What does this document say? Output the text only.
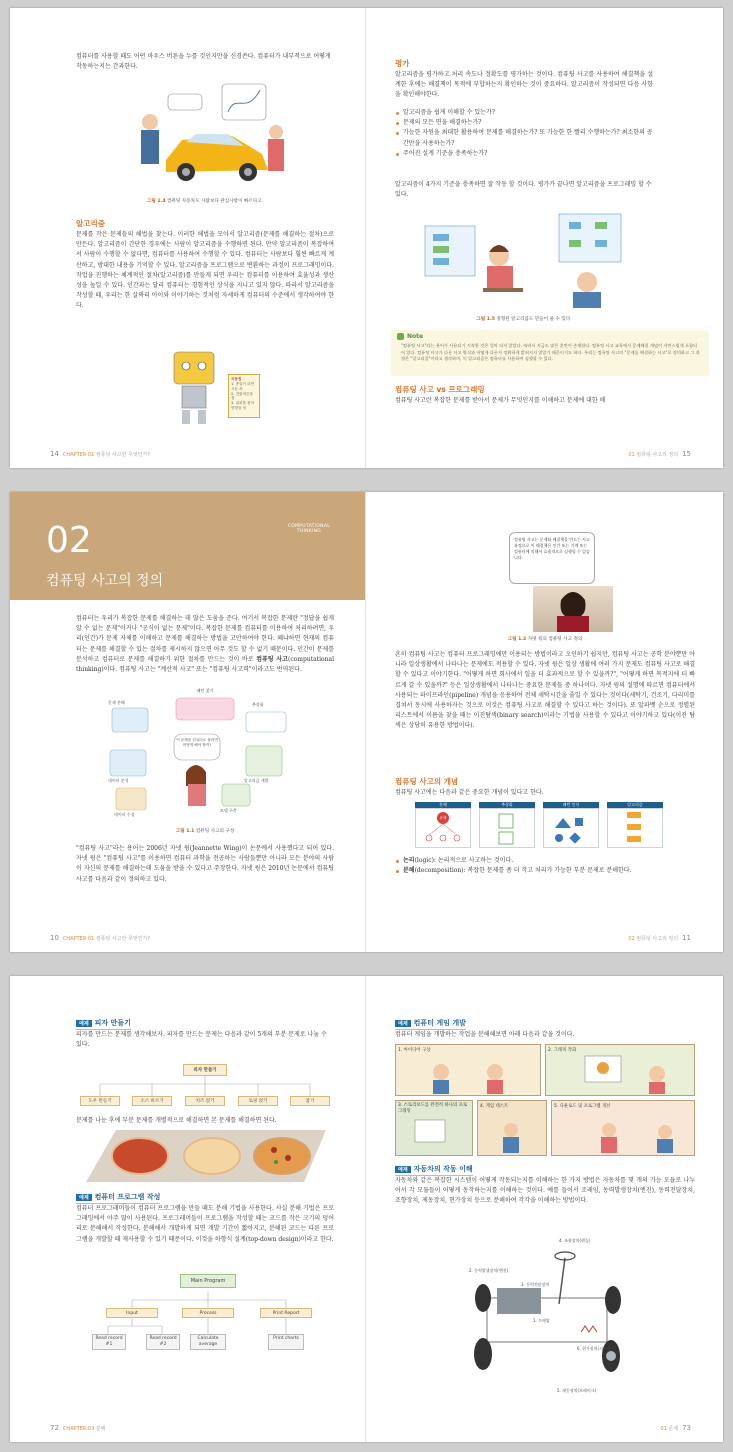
컴퓨터를 사용할 때도 어떤 마우스 버튼을 누를 것인지만을 신경쓴다. 컴퓨터가 내부적으로 어떻게 작동하는지는 간과한다.

그림 1.4 컴퓨팅 자동차도 사람보다 관심사항이 빠르다고.
알고리즘

문제를 작은 문제들의 해법을 찾는다. 이러한 해법을 모아서 알고리즘(문제를 해결하는 절차)으로 만든다. 알고리즘이 간단한 경우에는 사람이 알고리즘을 수행하면 된다. 만약 알고리즘이 복잡하여서 사람이 수행할 수 없다면, 컴퓨터를 사용하여 수행할 수 있다. 컴퓨터는 사람보다 훨씬 빠르게 계산하고, 방대한 내용을 기억할 수 있다. 알고리즘을 프로그램으로 변환하는 과정이 프로그래밍이다. 작업을 진행하는 체계적인 절차(알고리즘)를 만들게 되면 우리는 컴퓨터를 이용하여 효율성과 생산성을 높일 수 있다. 인간과는 달리 컴퓨터는 경험적인 상식을 지니고 있지 않다. 따라서 알고리즘을 작성할 때, 우리는 한 살짜리 아이와 이야기하는 것처럼 자세하게 컴퓨터의 수준에서 생각하여야 한다.

작동법
1. 종류이 되면 시동 켜
2. 전원버튼을 켬
3. 위치를 찾아 방향을 정
14 CHAPTER 01 컴퓨팅 사고란 무엇인가?
평가

알고리즘을 평가하고 처리 속도나 정확도를 평가하는 것이다. 컴퓨팅 사고를 사용하여 해결책을 설계한 후에는 해결책이 목적에 부합하는지 확인하는 것이 중요하다. 알고리즘이 작성되면 다음 사항을 확인해야한다.

알고리즘을 쉽게 이해할 수 있는가?
문제의 모든 면을 해결하는가?
가능한 자원을 최대한 활용하여 문제를 해결하는가? 또 가능한 한 빨리 수행하는가? 최소한의 공간만을 사용하는가?
주어진 설계 기준을 충족하는가?

알고리즘이 4가지 기준을 충족하면 잘 작동 할 것이다. 평가가 끝나면 알고리즘을 프로그래밍 할 수 있다.

그림 1.5 정형된 알고리즘도 만들어 줄 수 있다.
Note

"컴퓨팅 사고"라는 용어가 사용되기 시작한 것은 얼마 되지 않았다. 따라서 지금도 많은 혼란이 존재한다. 컴퓨팅 사고 교육에서 문제해결 개념이 자연스럽게 포함되어 있다. 컴퓨팅 사고가 다른 사고 방식과 어떻게 다른지 정확하게 밝혀지지 않았기 때문이기도 하다. 우리는 컴퓨팅 사고의 "문제를 해결하는 사고"로 정의하고 그 과정은 "알고리즘"이라고 생각하며, 이 알고리즘은 컴퓨터를 사용하여 실행할 수 있다.

컴퓨팅 사고 vs 프로그래밍

컴퓨팅 사고란 복잡한 문제를 받아서 문제가 무엇인지를 이해하고 문제에 대한 해

01 컴퓨팅 사고의 정의 15
02
컴퓨팅 사고의 정의
COMPUTATIONAL
THINKING

컴퓨터는 우리가 복잡한 문제를 해결하는 데 많은 도움을 준다. 여기서 복잡한 문제란 "정답을 쉽게 알 수 없는 문제"이거나 "공식이 없는 문제"이다. 복잡한 문제를 컴퓨터를 이용하여 처리하려면, 우리(인간)가 문제 자체를 이해하고 문제를 해결하는 방법을 고안하여야 한다. 왜냐하면 현재의 컴퓨터는 문제를 해결할 수 있는 절차를 제시하지 않으면 아무 것도 할 수 없기 때문이다. 인간이 문제를 분석하고 컴퓨터로 문제를 해결하기 위한 절차를 만드는 것이 바로 컴퓨팅 사고(computational thinking)이다. 컴퓨팅 사고는 "계산적 사고" 또는 "컴퓨팅 사고력"이라고도 번역된다.

패턴 찾기
문제 분해	추상화
데이터 분석	알고리즘 개발
데이터 수집
모델 구축
이 문제를 컴퓨터로 풀려면 어떻게 해야 할까?
그림 1.1 컴퓨팅 사고의 구성

"컴퓨팅 사고"라는 용어는 2006년 자넷 윙(Jeannette Wing)이 논문에서 사용했다고 되어 있다. 자넷 윙은 "컴퓨팅 사고"를 이용하면 컴퓨터 과학을 전공하는 사람들뿐만 아니라 모든 분야의 사람이 자신의 문제를 해결하는데 도움을 받을 수 있다고 주장한다. 자넷 윙은 2010년 논문에서 컴퓨팅 사고를 다음과 같이 정의하고 있다.

10 CHAPTER 01 컴퓨팅 사고란 무엇인가?
컴퓨팅 사고는 문제와 해결책을 만드는 사고 과정으로 이 해결책은 인간 또는 기계 또는 컴퓨터에 의해서 효율적으로 실행될 수 있습니다.
그림 1.2 자넷 윙의 컴퓨팅 사고 정의

흔히 컴퓨팅 사고는 컴퓨터 프로그래밍에만 이용되는 방법이라고 오인하기 쉽지만, 컴퓨팅 사고는 공학 분야뿐만 아니라 일상생활에서 나타나는 문제에도 적용할 수 있다. 자넷 윙은 일상 생활에 여러 가지 문제도 컴퓨팅 사고로 해결할 수 있다고 이야기한다. "어떻게 하면 회사에서 일을 더 효과적으로 할 수 있을까?", "어떻게 하면 목적지에 더 빠르게 갈 수 있을까?" 등은 일상생활에서 나타나는 중요한 문제들 중 하나이다. 자넷 윙의 설명에 따르면 컴퓨터에서 사용되는 파이프라인(pipeline) 개념을 응용하여 전체 세탁시간을 줄일 수 있다는 것이다(세탁기, 건조기, 다리미를 겹쳐서 동시에 사용하자는 것으로 이것은 컴퓨팅 사고로 해결할 수 있다고 하는 것이다). 또 알파벳 순으로 정렬된 리스트에서 이름을 찾을 때는 이진탐색(binary search)이라는 기법을 사용할 수 있다고 이야기하고 있다(이진 탐색은 상당히 유용한 방법이다).

컴퓨팅 사고의 개념

컴퓨팅 사고에는 다음과 같은 중요한 개념이 있다고 한다.

분해	추상화	패턴 인식	알고리즘
문제
논리(logic): 논리적으로 사고하는 것이다.
분해(decomposition): 복잡한 문제를 좀 더 작고 처리가 가능한 부분 문제로 분해한다.
02 컴퓨팅 사고의 정의 11
예제 피자 만들기

피자를 만드는 문제를 생각해보자. 피자를 만드는 문제는 다음과 같이 5개의 부분 문제로 나눌 수 있다.

피자 만들기
도우 만들기	소스 바르기	치즈 얹기	토핑 얹기	굽기

문제를 나눈 후에 부분 문제를 개별적으로 해결하면 본 문제를 해결하면 된다.

예제 컴퓨터 프로그램 작성

컴퓨터 프로그래머들이 컴퓨터 프로그램을 만들 때도 분해 기법을 사용한다. 사실 분해 기법은 프로그래밍에서 아주 많이 사용된다. 프로그래머들이 프로그램을 작성할 때는 코드를 작은 크기의 덩어리로 분해해서 작성한다. 분해해서 개발하게 되면 개발 기간이 짧아지고, 분해된 코드는 다른 프로그램을 개발할 때 재사용할 수 있기 때문이다. 이것을 하향식 설계(top-down design)이라고 한다.

Main Program
Input	Process	Print Report
Read record #1
Read record #2
Calculate average
Print charts
72 CHAPTER 03 분해
예제 컴퓨터 게임 개발

컴퓨터 게임을 개발하는 작업을 분해해보면 아래 다음과 같을 것이다.

1. 아이디어 구상	2. 그래픽 작화
3. 스토리보드를 완전히 하나의 프로그래밍
4. 게임 테스트	5. 다운로드 및 프로그램 개선
예제 자동차의 작동 이해

자동차와 같은 복잡한 시스템이 어떻게 작동되는지를 이해하는 한 가지 방법은 자동차를 몇 개의 가능 모듈로 나누어서 각 모듈들이 어떻게 동작하는지를 이해하는 것이다. 예를 들어서 조레임, 동력발생장치(엔진), 동력전달장치, 조향장치, 제동장치, 현가장치 등으로 분해하여 각각을 이해하는 방법이다.

4. 조향장치(핸들)
2. 동력발생장치(엔진)
3. 동력전달장치
1. 프레임
6. 현가장치(서스펜션)
5. 제동장치(브레이크)
01 문제 73
